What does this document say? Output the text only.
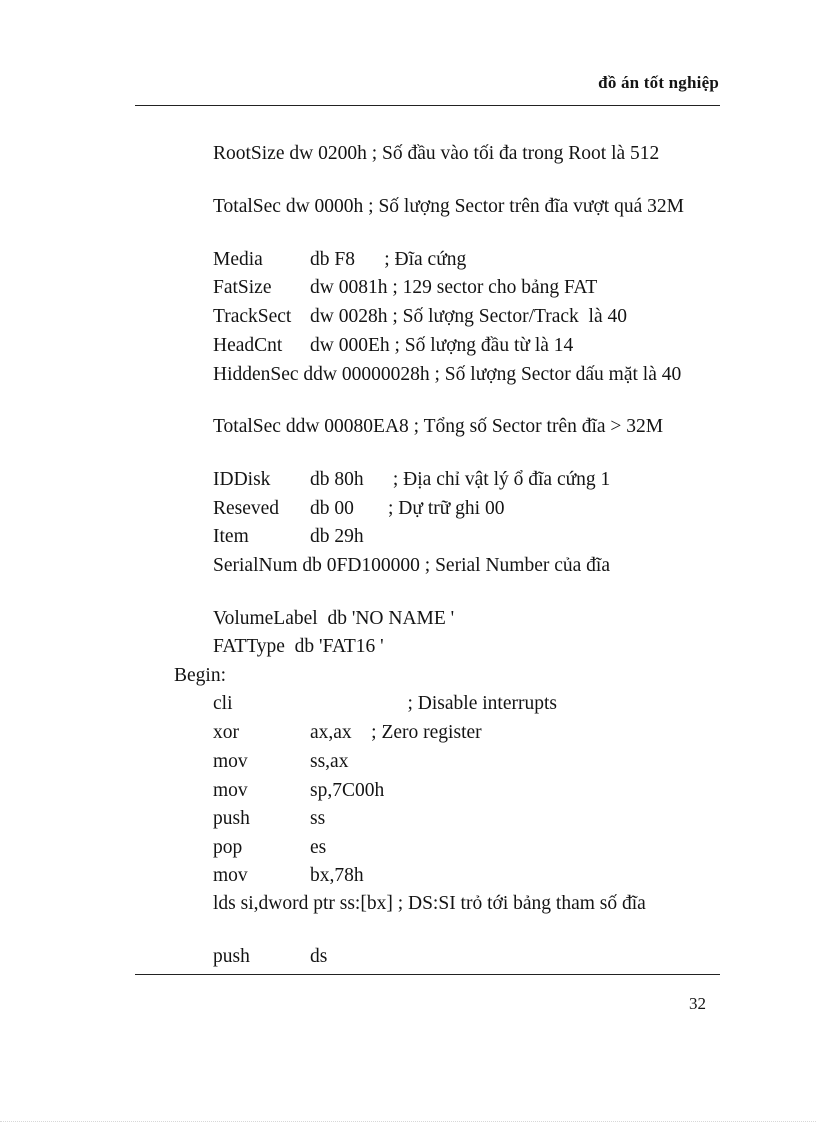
đồ án tốt nghiệp
RootSize dw 0200h ; Số đầu vào tối đa trong Root là 512
TotalSec dw 0000h ; Số lượng Sector trên đĩa vượt quá 32M
Media db F8      ; Đĩa cứng
FatSize dw 0081h ; 129 sector cho bảng FAT
TrackSect dw 0028h ; Số lượng Sector/Track  là 40
HeadCnt dw 000Eh ; Số lượng đầu từ là 14
HiddenSec ddw 00000028h ; Số lượng Sector dấu mặt là 40
TotalSec ddw 00080EA8 ; Tổng số Sector trên đĩa > 32M
IDDisk db 80h      ; Địa chỉ vật lý ổ đĩa cứng 1
Reseved db 00       ; Dự trữ ghi 00
Item	db 29h
SerialNum db 0FD100000 ; Serial Number của đĩa
VolumeLabel  db 'NO NAME '
FATType  db 'FAT16 '
Begin:
cli	; Disable interrupts
xor	ax,ax    ; Zero register
mov	ss,ax
mov	sp,7C00h
push	ss
pop	es
mov	bx,78h
lds si,dword ptr ss:[bx] ; DS:SI trỏ tới bảng tham số đĩa
push	ds
32
